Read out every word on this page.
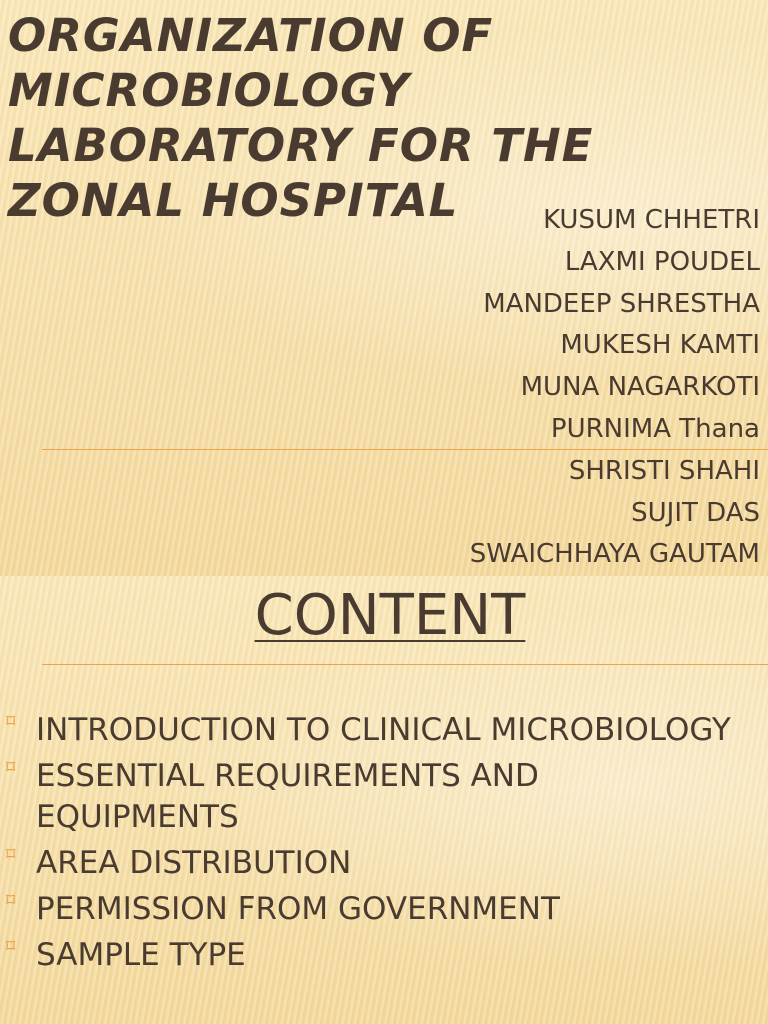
ORGANIZATION OF MICROBIOLOGY LABORATORY FOR THE ZONAL HOSPITAL	KUSUM CHHETRI
LAXMI POUDEL
MANDEEP SHRESTHA
MUKESH KAMTI
MUNA NAGARKOTI
PURNIMA Thana
SHRISTI SHAHI
SUJIT DAS
SWAICHHAYA GAUTAM
CONTENT
⌑ INTRODUCTION TO CLINICAL MICROBIOLOGY
⌑ ESSENTIAL REQUIREMENTS AND EQUIPMENTS
⌑ AREA DISTRIBUTION
⌑ PERMISSION FROM GOVERNMENT
⌑ SAMPLE TYPE
